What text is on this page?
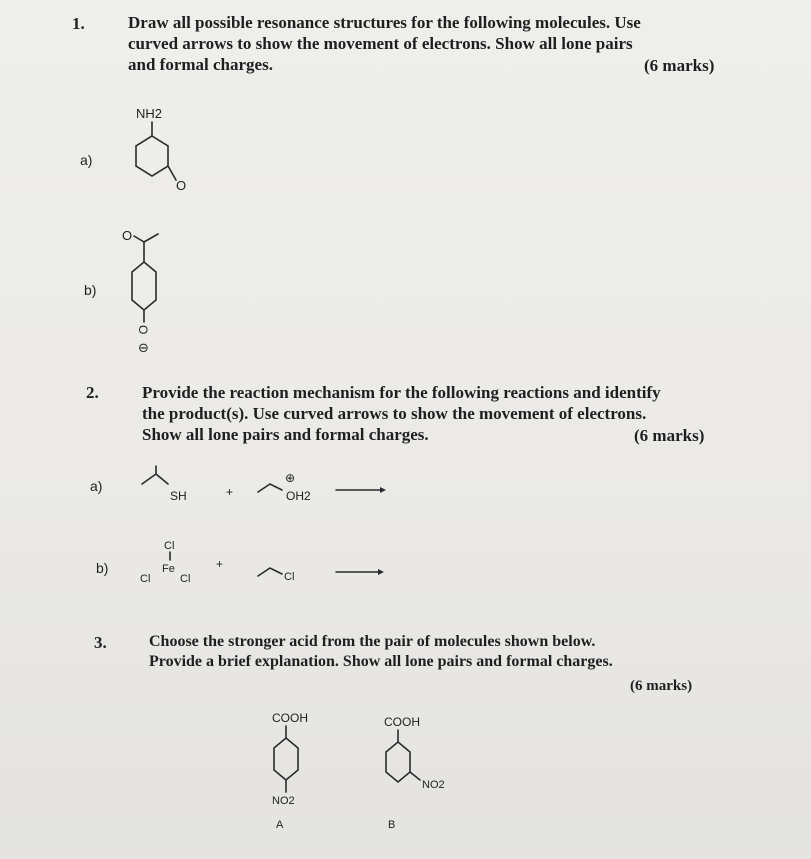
1.	Draw all possible resonance structures for the following molecules. Use
curved arrows to show the movement of electrons. Show all lone pairs
and formal charges.	(6 marks)
a)
NH2
O
b)
O
O
⊖
2.	Provide the reaction mechanism for the following reactions and identify
the product(s). Use curved arrows to show the movement of electrons.
Show all lone pairs and formal charges.	(6 marks)
a)
SH	+
⊕
OH2
b)
Cl
Cl
Fe
Cl
+
Cl
3.	Choose the stronger acid from the pair of molecules shown below.
Provide a brief explanation. Show all lone pairs and formal charges.
(6 marks)
COOH
NO2
A
COOH
NO2
B
